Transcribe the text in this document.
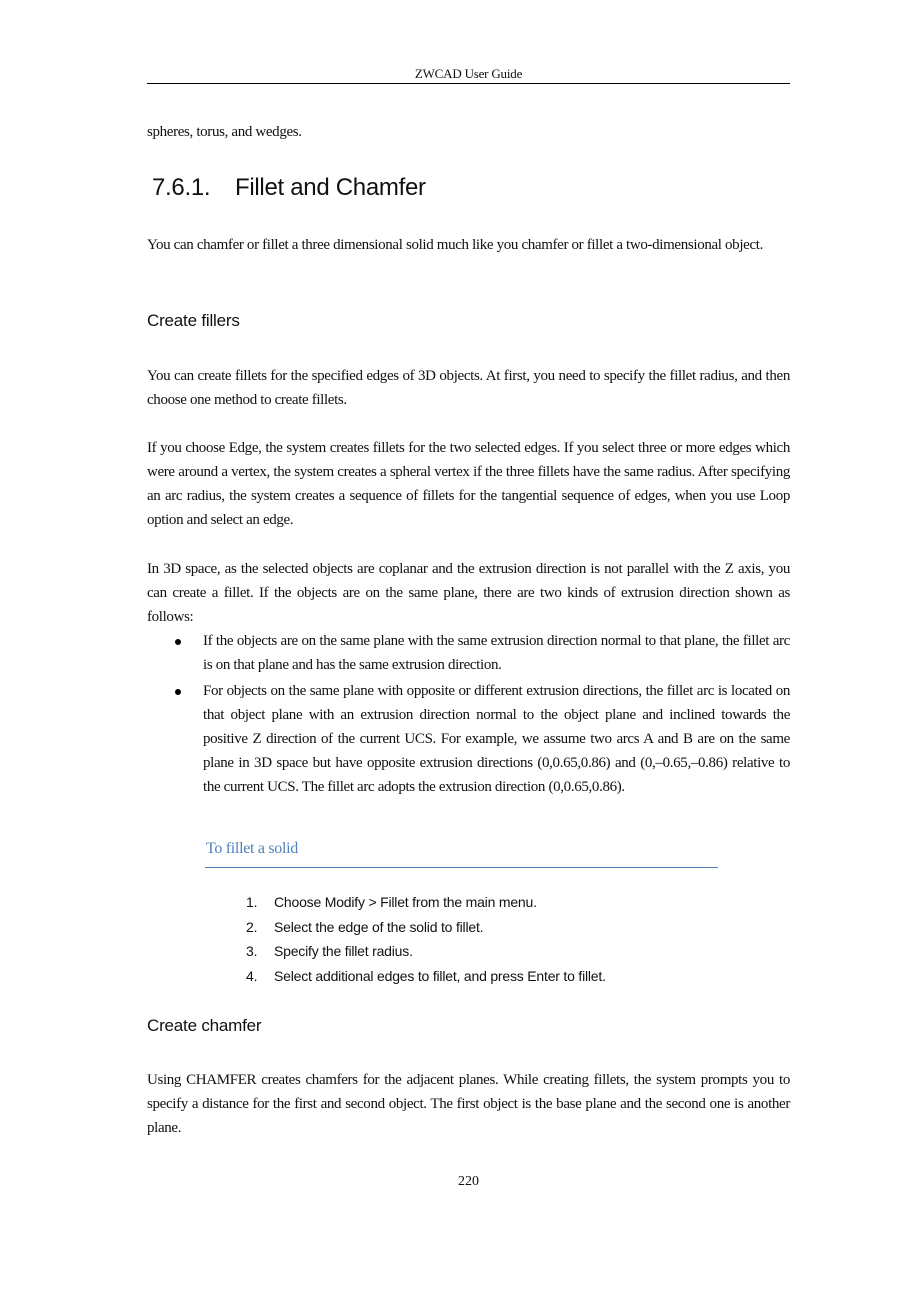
ZWCAD User Guide
spheres, torus, and wedges.
7.6.1. Fillet and Chamfer
You can chamfer or fillet a three dimensional solid much like you chamfer or fillet a two-dimensional object.
Create fillers
You can create fillets for the specified edges of 3D objects. At first, you need to specify the fillet radius, and then choose one method to create fillets.
If you choose Edge, the system creates fillets for the two selected edges. If you select three or more edges which were around a vertex, the system creates a spheral vertex if the three fillets have the same radius. After specifying an arc radius, the system creates a sequence of fillets for the tangential sequence of edges, when you use Loop option and select an edge.
In 3D space, as the selected objects are coplanar and the extrusion direction is not parallel with the Z axis, you can create a fillet. If the objects are on the same plane, there are two kinds of extrusion direction shown as follows:
If the objects are on the same plane with the same extrusion direction normal to that plane, the fillet arc is on that plane and has the same extrusion direction.
For objects on the same plane with opposite or different extrusion directions, the fillet arc is located on that object plane with an extrusion direction normal to the object plane and inclined towards the positive Z direction of the current UCS. For example, we assume two arcs A and B are on the same plane in 3D space but have opposite extrusion directions (0,0.65,0.86) and (0,–0.65,–0.86) relative to the current UCS. The fillet arc adopts the extrusion direction (0,0.65,0.86).
To fillet a solid
1. Choose Modify > Fillet from the main menu.
2. Select the edge of the solid to fillet.
3. Specify the fillet radius.
4. Select additional edges to fillet, and press Enter to fillet.
Create chamfer
Using CHAMFER creates chamfers for the adjacent planes. While creating fillets, the system prompts you to specify a distance for the first and second object. The first object is the base plane and the second one is another plane.
220
